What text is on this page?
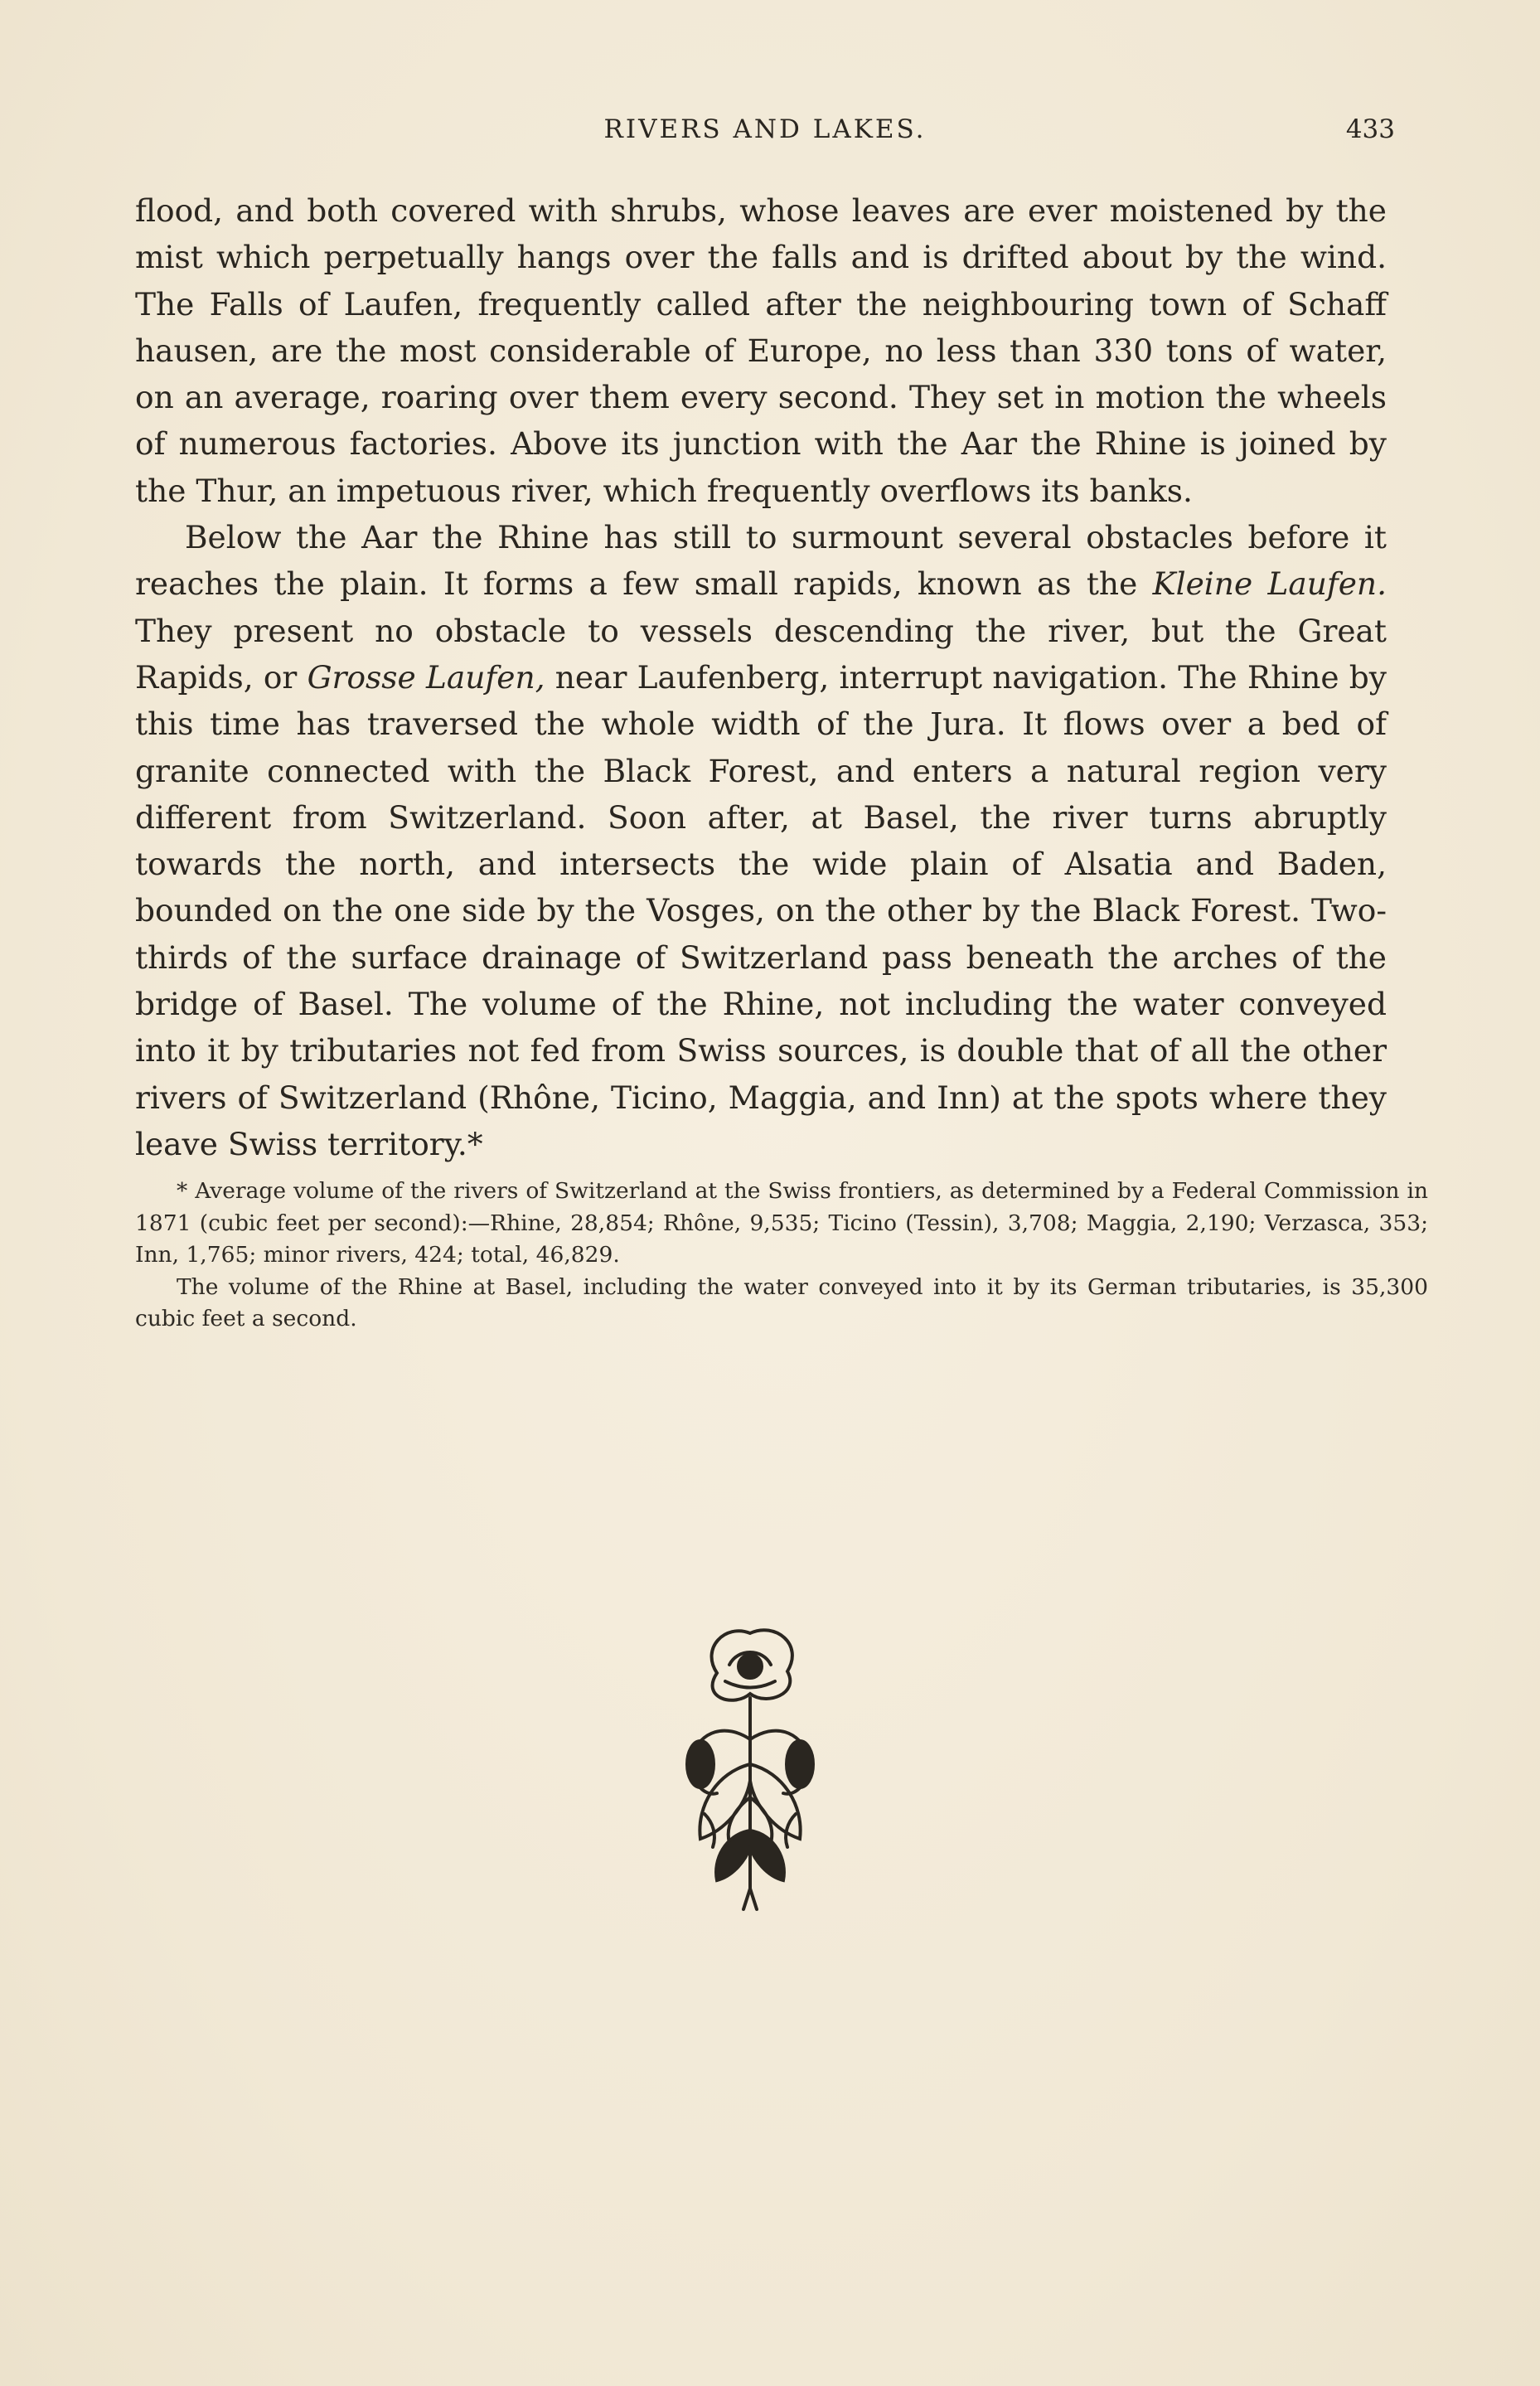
RIVERS AND LAKES.	433

flood, and both covered with shrubs, whose leaves are ever moistened by the mist which perpetually hangs over the falls and is drifted about by the wind. The Falls of Laufen, frequently called after the neighbouring town of Schaff hausen, are the most considerable of Europe, no less than 330 tons of water, on an average, roaring over them every second. They set in motion the wheels of numerous factories. Above its junction with the Aar the Rhine is joined by the Thur, an impetuous river, which frequently overflows its banks.

Below the Aar the Rhine has still to surmount several obstacles before it reaches the plain. It forms a few small rapids, known as the Kleine Laufen. They present no obstacle to vessels descending the river, but the Great Rapids, or Grosse Laufen, near Laufenberg, interrupt navigation. The Rhine by this time has traversed the whole width of the Jura. It flows over a bed of granite connected with the Black Forest, and enters a natural region very different from Switzerland. Soon after, at Basel, the river turns abruptly towards the north, and intersects the wide plain of Alsatia and Baden, bounded on the one side by the Vosges, on the other by the Black Forest. Two-thirds of the surface drainage of Switzerland pass beneath the arches of the bridge of Basel. The volume of the Rhine, not including the water conveyed into it by tributaries not fed from Swiss sources, is double that of all the other rivers of Switzerland (Rhône, Ticino, Maggia, and Inn) at the spots where they leave Swiss territory.*

* Average volume of the rivers of Switzerland at the Swiss frontiers, as determined by a Federal Commission in 1871 (cubic feet per second):—Rhine, 28,854; Rhône, 9,535; Ticino (Tessin), 3,708; Maggia, 2,190; Verzasca, 353; Inn, 1,765; minor rivers, 424; total, 46,829.

The volume of the Rhine at Basel, including the water conveyed into it by its German tributaries, is 35,300 cubic feet a second.
